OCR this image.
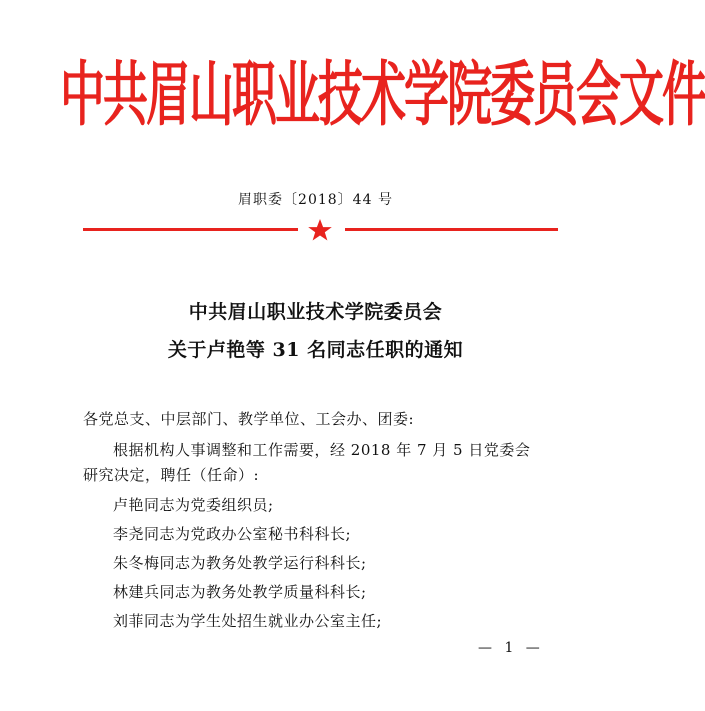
中共眉山职业技术学院委员会文件
眉职委〔2018〕44 号
中共眉山职业技术学院委员会
关于卢艳等 31 名同志任职的通知
各党总支、中层部门、教学单位、工会办、团委:
根据机构人事调整和工作需要，经 2018 年 7 月 5 日党委会
研究决定，聘任（任命）:
卢艳同志为党委组织员;
李尧同志为党政办公室秘书科科长;
朱冬梅同志为教务处教学运行科科长;
林建兵同志为教务处教学质量科科长;
刘菲同志为学生处招生就业办公室主任;
— 1 —
